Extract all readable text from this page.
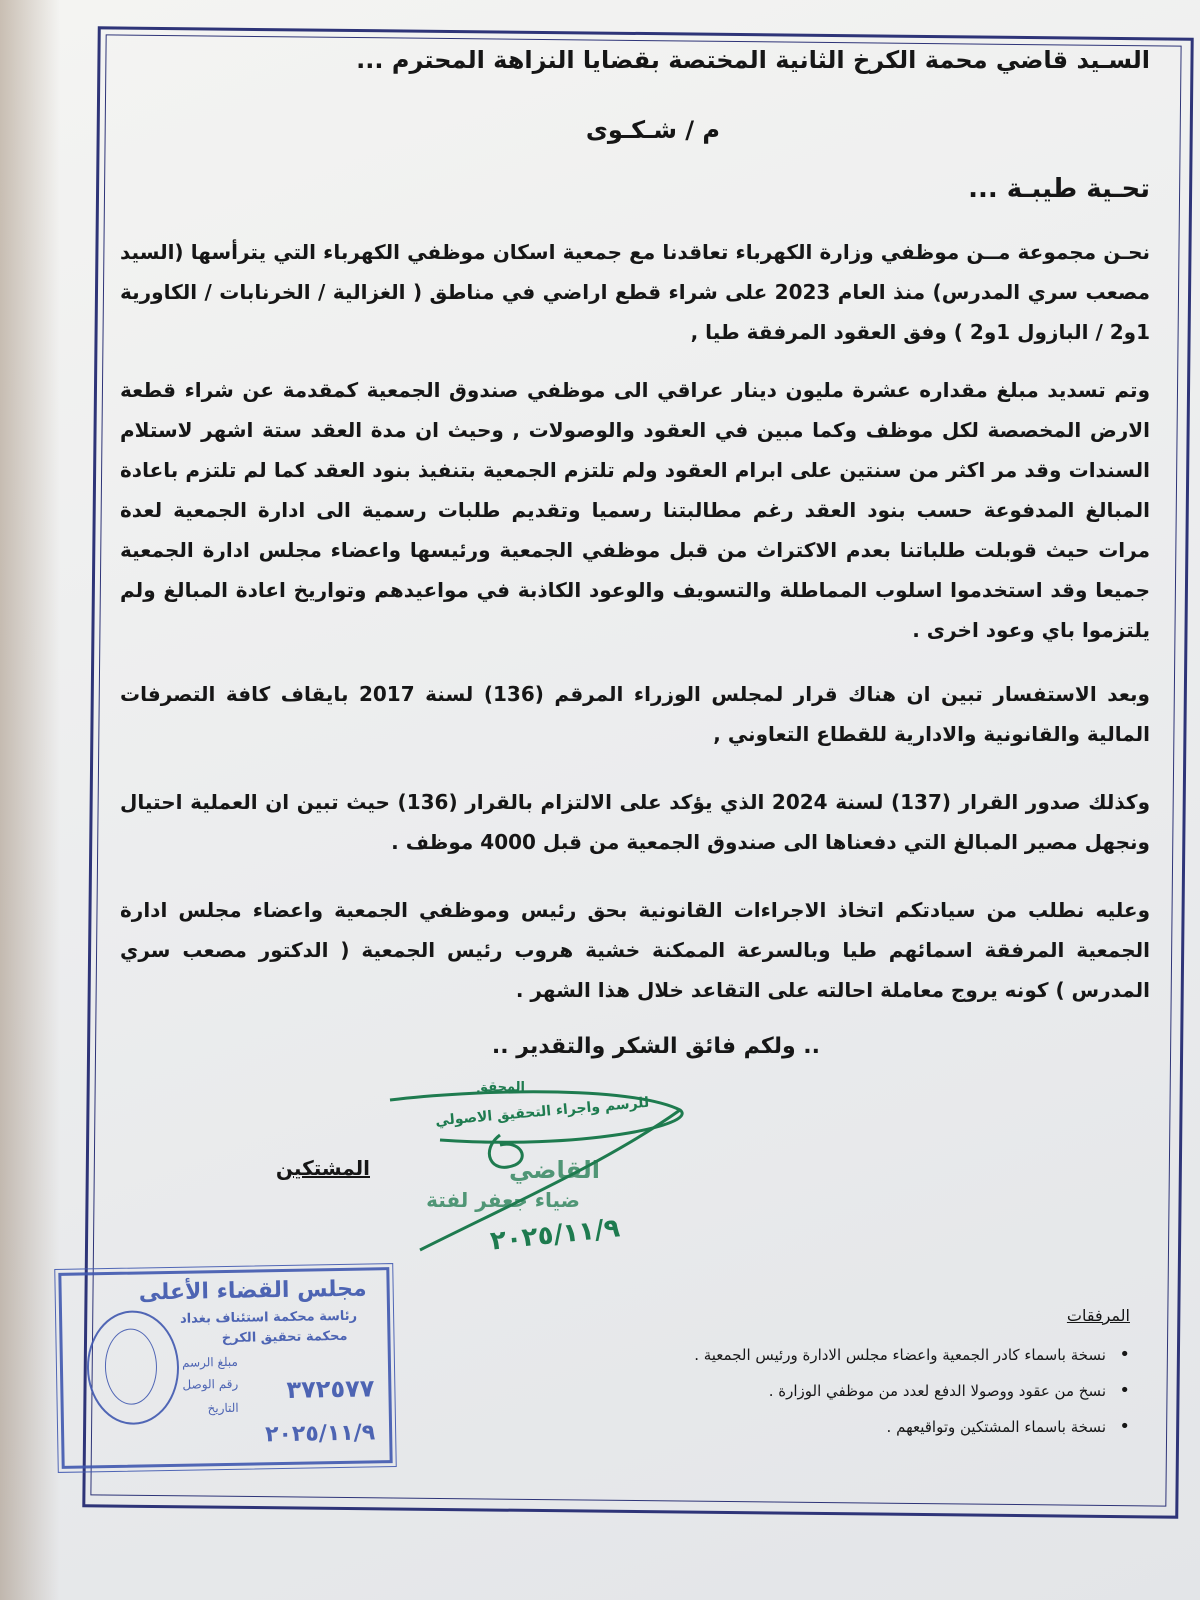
السـيد قاضي محمة الكرخ الثانية المختصة بقضايا النزاهة المحترم ...
م / شـكـوى
تحـية طيبـة ...
نحـن مجموعة مــن موظفي وزارة الكهرباء تعاقدنا مع جمعية اسكان موظفي الكهرباء التي يترأسها (السيد مصعب سري المدرس) منذ العام 2023 على شراء قطع اراضي في مناطق ( الغزالية / الخرنابات / الكاورية 1و2 / البازول 1و2 ) وفق العقود المرفقة طيا ,
وتم تسديد مبلغ مقداره عشرة مليون دينار عراقي الى موظفي صندوق الجمعية كمقدمة عن شراء قطعة الارض المخصصة لكل موظف وكما مبين في العقود والوصولات , وحيث ان مدة العقد ستة اشهر لاستلام السندات وقد مر اكثر من سنتين على ابرام العقود ولم تلتزم الجمعية بتنفيذ بنود العقد كما لم تلتزم باعادة المبالغ المدفوعة حسب بنود العقد رغم مطالبتنا رسميا وتقديم طلبات رسمية الى ادارة الجمعية لعدة مرات حيث قوبلت طلباتنا بعدم الاكتراث من قبل موظفي الجمعية ورئيسها واعضاء مجلس ادارة الجمعية جميعا وقد استخدموا اسلوب المماطلة والتسويف والوعود الكاذبة في مواعيدهم وتواريخ اعادة المبالغ ولم يلتزموا باي وعود اخرى .
وبعد الاستفسار تبين ان هناك قرار لمجلس الوزراء المرقم (136) لسنة 2017 بايقاف كافة التصرفات المالية والقانونية والادارية للقطاع التعاوني ,
وكذلك صدور القرار (137) لسنة 2024 الذي يؤكد على الالتزام بالقرار (136) حيث تبين ان العملية احتيال ونجهل مصير المبالغ التي دفعناها الى صندوق الجمعية من قبل 4000 موظف .
وعليه نطلب من سيادتكم اتخاذ الاجراءات القانونية بحق رئيس وموظفي الجمعية واعضاء مجلس ادارة الجمعية المرفقة اسمائهم طيا وبالسرعة الممكنة خشية هروب رئيس الجمعية ( الدكتور مصعب سري المدرس ) كونه يروج معاملة احالته على التقاعد خلال هذا الشهر .
.. ولكم فائق الشكر والتقدير ..
المشتكين
المرفقات
•
نسخة باسماء كادر الجمعية واعضاء مجلس الادارة ورئيس الجمعية .
•
نسخ من عقود ووصولا الدفع لعدد من موظفي الوزارة .
•
نسخة باسماء المشتكين وتواقيعهم .
المحقق
للرسم واجراء التحقيق الاصولي
القاضي
ضياء جعفر لفتة
٢٠٢٥/١١/٩
مجلس القضاء الأعلى
رئاسة محكمة استئناف بغداد
محكمة تحقيق الكرخ
مبلغ الرسم
رقم الوصل
التاريخ
٣٧٢٥٧٧
٢٠٢٥/١١/٩
